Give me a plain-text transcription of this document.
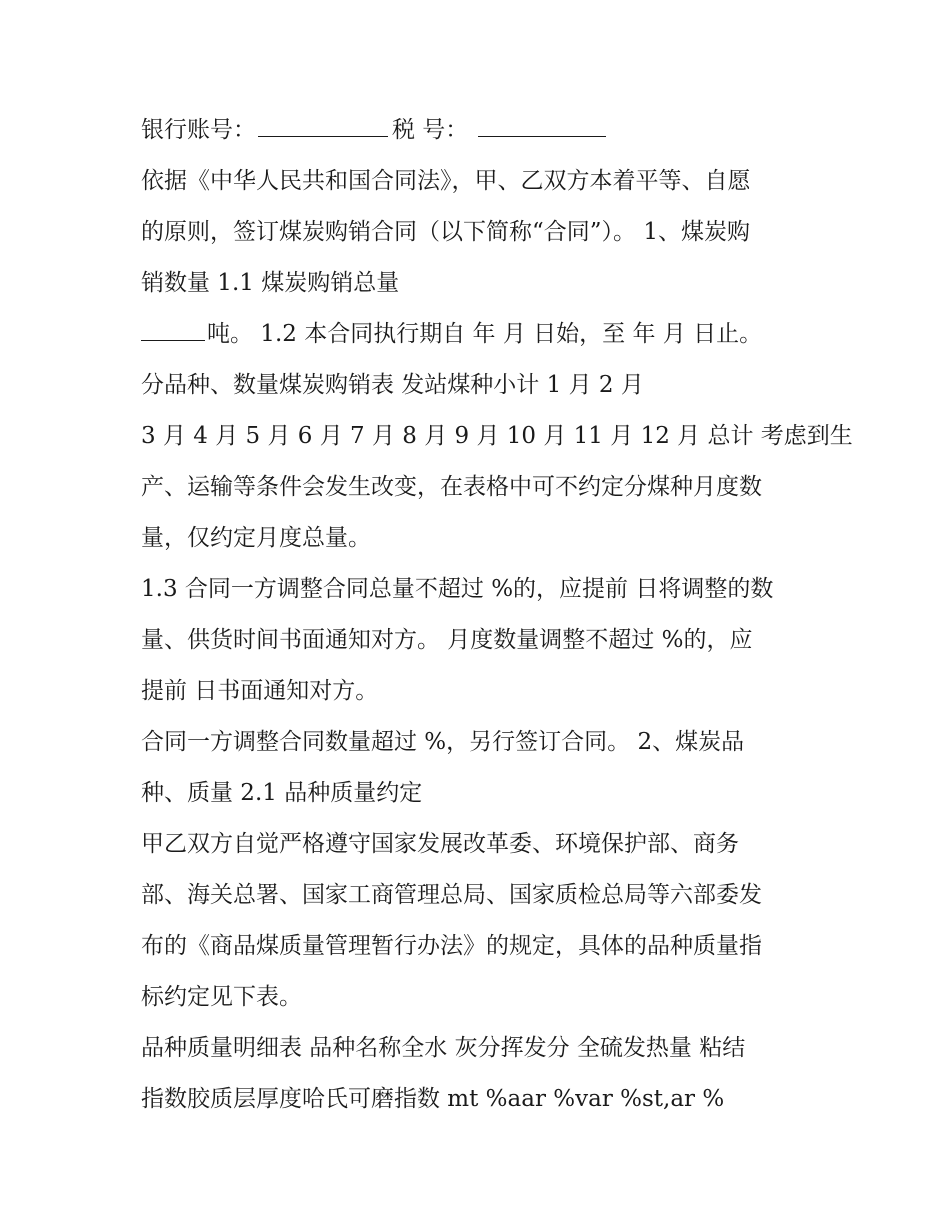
银行账号：	税 号：
依据《中华人民共和国合同法》，甲、乙双方本着平等、自愿
的原则，签订煤炭购销合同（以下简称“合同”）。 1、煤炭购
销数量 1.1 煤炭购销总量
吨。 1.2 本合同执行期自 年 月 日始，至 年 月 日止。
分品种、数量煤炭购销表 发站煤种小计 1 月 2 月
3 月 4 月 5 月 6 月 7 月 8 月 9 月 10 月 11 月 12 月 总计 考虑到生
产、运输等条件会发生改变，在表格中可不约定分煤种月度数
量，仅约定月度总量。
1.3 合同一方调整合同总量不超过 %的，应提前 日将调整的数
量、供货时间书面通知对方。 月度数量调整不超过 %的，应
提前 日书面通知对方。
合同一方调整合同数量超过 %，另行签订合同。 2、煤炭品
种、质量 2.1 品种质量约定
甲乙双方自觉严格遵守国家发展改革委、环境保护部、商务
部、海关总署、国家工商管理总局、国家质检总局等六部委发
布的《商品煤质量管理暂行办法》的规定，具体的品种质量指
标约定见下表。
品种质量明细表 品种名称全水 灰分挥发分 全硫发热量 粘结
指数胶质层厚度哈氏可磨指数 mt %aar %var %st,ar %
